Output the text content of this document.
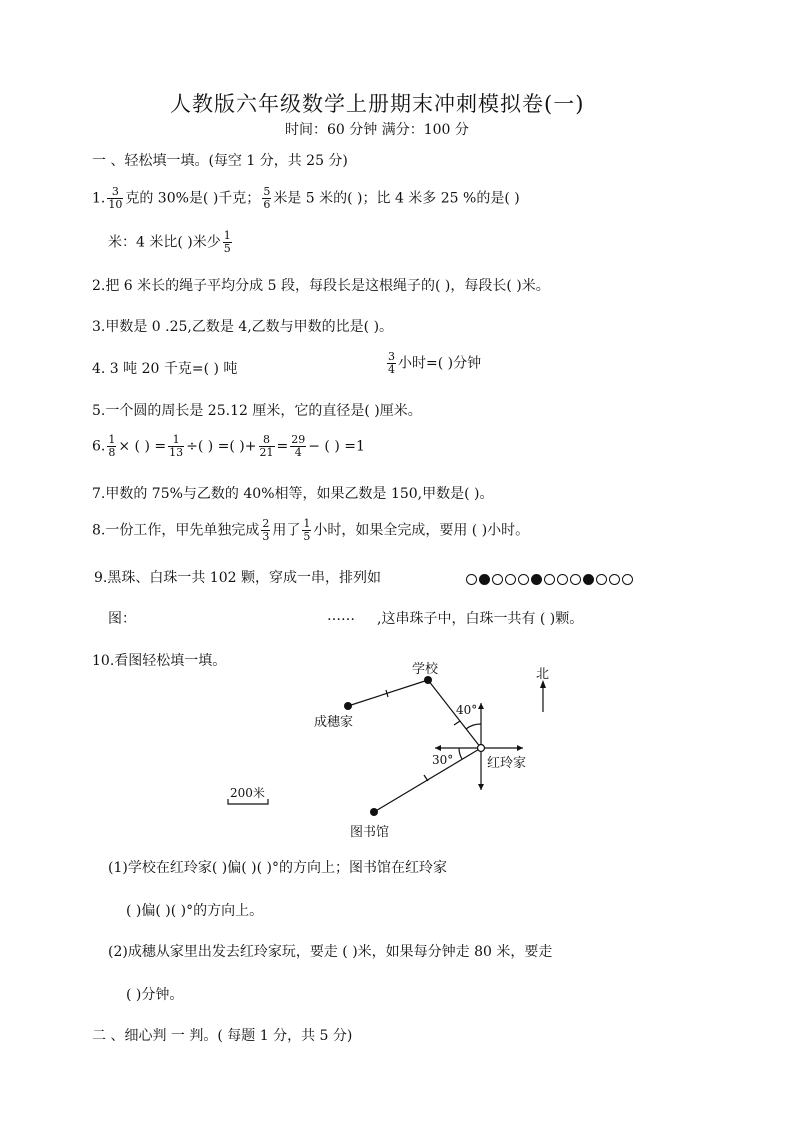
人教版六年级数学上册期末冲刺模拟卷(一)
时间：60 分钟 满分：100 分
一 、轻松填一填。(每空 1 分，共 25 分)
1. $\frac{3}{10}$ 克的 30%是( )千克； $\frac{5}{6}$ 米是 5 米的( )；比 4 米多 25 %的是( )
米：4 米比( )米少 $\frac{1}{5}$
2.把 6 米长的绳子平均分成 5 段，每段长是这根绳子的( )，每段长( )米。
3.甲数是 0 .25,乙数是 4,乙数与甲数的比是( )。
4. 3 吨 20 千克=( ) 吨	$\frac{3}{4}$ 小时=( )分钟
5.一个圆的周长是 25.12 厘米，它的直径是( )厘米。
6. $\frac{1}{8}$ × ( ) = $\frac{1}{13}$ ÷( ) =( )+ $\frac{8}{21} = \frac{29}{4}$ − ( ) =1
7.甲数的 75%与乙数的 40%相等，如果乙数是 150,甲数是( )。
8.一份工作，甲先单独完成 $\frac{2}{3}$ 用了 $\frac{1}{5}$ 小时，如果全完成，要用 ( )小时。
9.黑珠、白珠一共 102 颗，穿成一串，排列如
图：	…… ,这串珠子中，白珠一共有 ( )颗。
10.看图轻松填一填。
学校
成穗家
红玲家
图书馆
北
40°
30°
200米
(1)学校在红玲家( )偏( )( )°的方向上；图书馆在红玲家
( )偏( )( )°的方向上。
(2)成穗从家里出发去红玲家玩，要走 ( )米，如果每分钟走 80 米，要走
( )分钟。
二 、细心判 一 判。( 每题 1 分，共 5 分)
